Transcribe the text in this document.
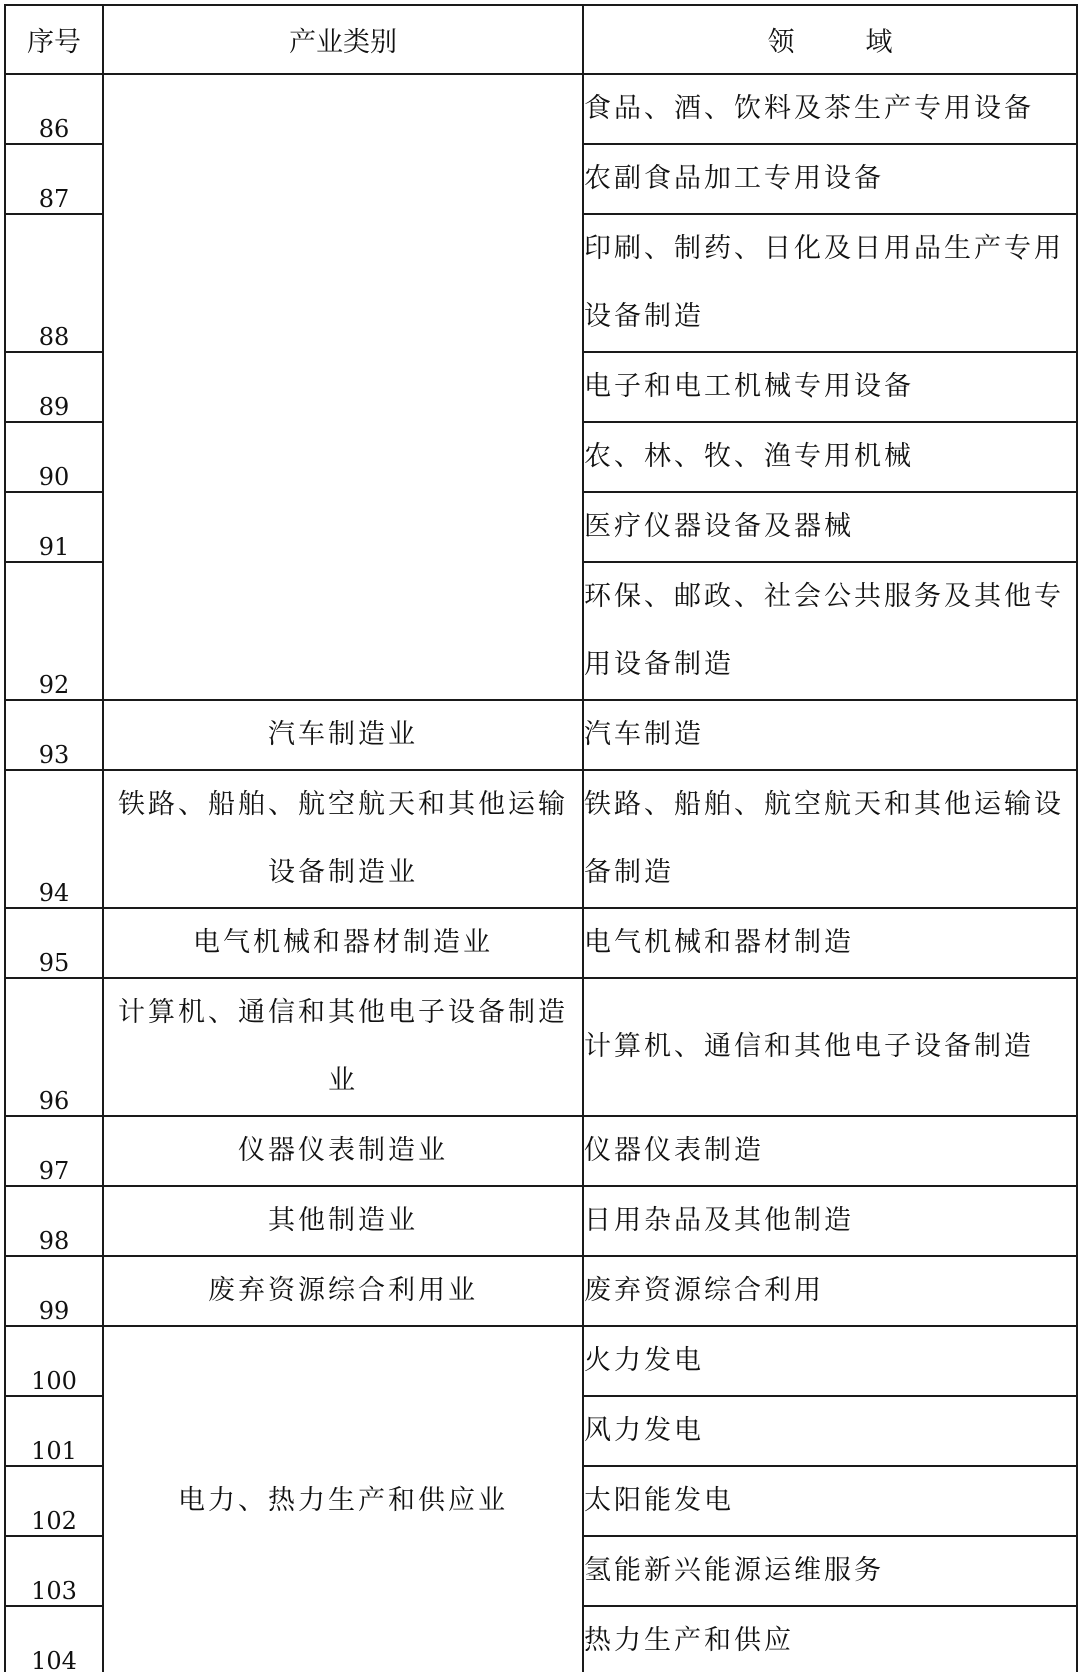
序号	产业类别	领　域
86		食品、酒、饮料及茶生产专用设备
87		农副食品加工专用设备
88		印刷、制药、日化及日用品生产专用设备制造
89		电子和电工机械专用设备
90		农、林、牧、渔专用机械
91		医疗仪器设备及器械
92		环保、邮政、社会公共服务及其他专用设备制造
93	汽车制造业	汽车制造
94	铁路、船舶、航空航天和其他运输设备制造业	铁路、船舶、航空航天和其他运输设备制造
95	电气机械和器材制造业	电气机械和器材制造
96	计算机、通信和其他电子设备制造业	计算机、通信和其他电子设备制造
97	仪器仪表制造业	仪器仪表制造
98	其他制造业	日用杂品及其他制造
99	废弃资源综合利用业	废弃资源综合利用
100	电力、热力生产和供应业	火力发电
101		风力发电
102		太阳能发电
103		氢能新兴能源运维服务
104		热力生产和供应
